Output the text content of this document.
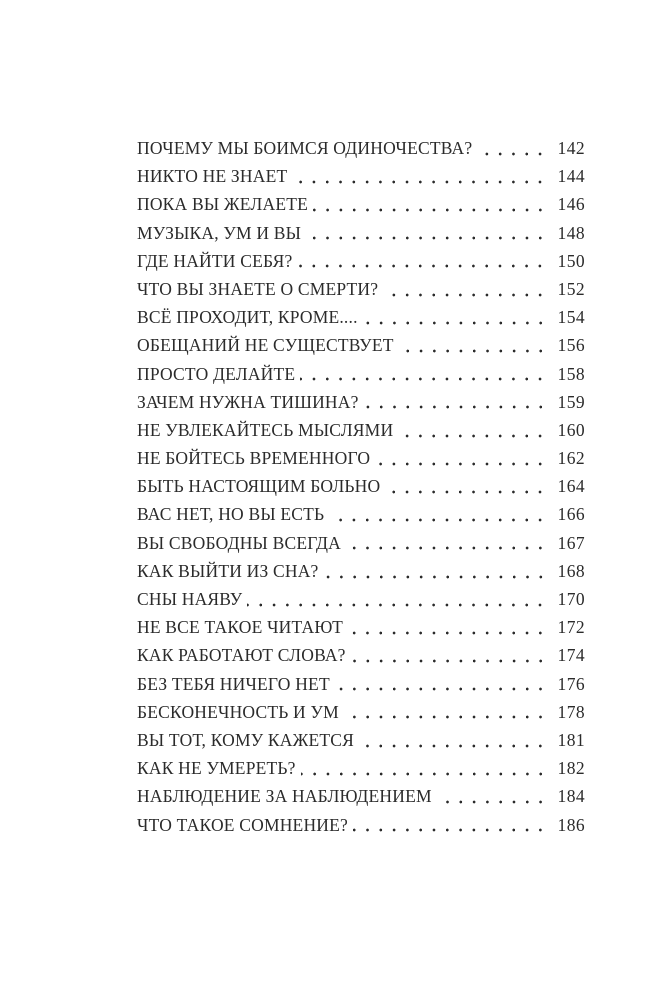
ПОЧЕМУ МЫ БОИМСЯ ОДИНОЧЕСТВА?	142
НИКТО НЕ ЗНАЕТ	144
ПОКА ВЫ ЖЕЛАЕТЕ	146
МУЗЫКА, УМ И ВЫ	148
ГДЕ НАЙТИ СЕБЯ?	150
ЧТО ВЫ ЗНАЕТЕ О СМЕРТИ?	152
ВСЁ ПРОХОДИТ, КРОМЕ....	154
ОБЕЩАНИЙ НЕ СУЩЕСТВУЕТ	156
ПРОСТО ДЕЛАЙТЕ	158
ЗАЧЕМ НУЖНА ТИШИНА?	159
НЕ УВЛЕКАЙТЕСЬ МЫСЛЯМИ	160
НЕ БОЙТЕСЬ ВРЕМЕННОГО	162
БЫТЬ НАСТОЯЩИМ БОЛЬНО	164
ВАС НЕТ, НО ВЫ ЕСТЬ	166
ВЫ СВОБОДНЫ ВСЕГДА	167
КАК ВЫЙТИ ИЗ СНА?	168
СНЫ НАЯВУ	170
НЕ ВСЕ ТАКОЕ ЧИТАЮТ	172
КАК РАБОТАЮТ СЛОВА?	174
БЕЗ ТЕБЯ НИЧЕГО НЕТ	176
БЕСКОНЕЧНОСТЬ И УМ	178
ВЫ ТОТ, КОМУ КАЖЕТСЯ	181
КАК НЕ УМЕРЕТЬ?	182
НАБЛЮДЕНИЕ ЗА НАБЛЮДЕНИЕМ	184
ЧТО ТАКОЕ СОМНЕНИЕ?	186
